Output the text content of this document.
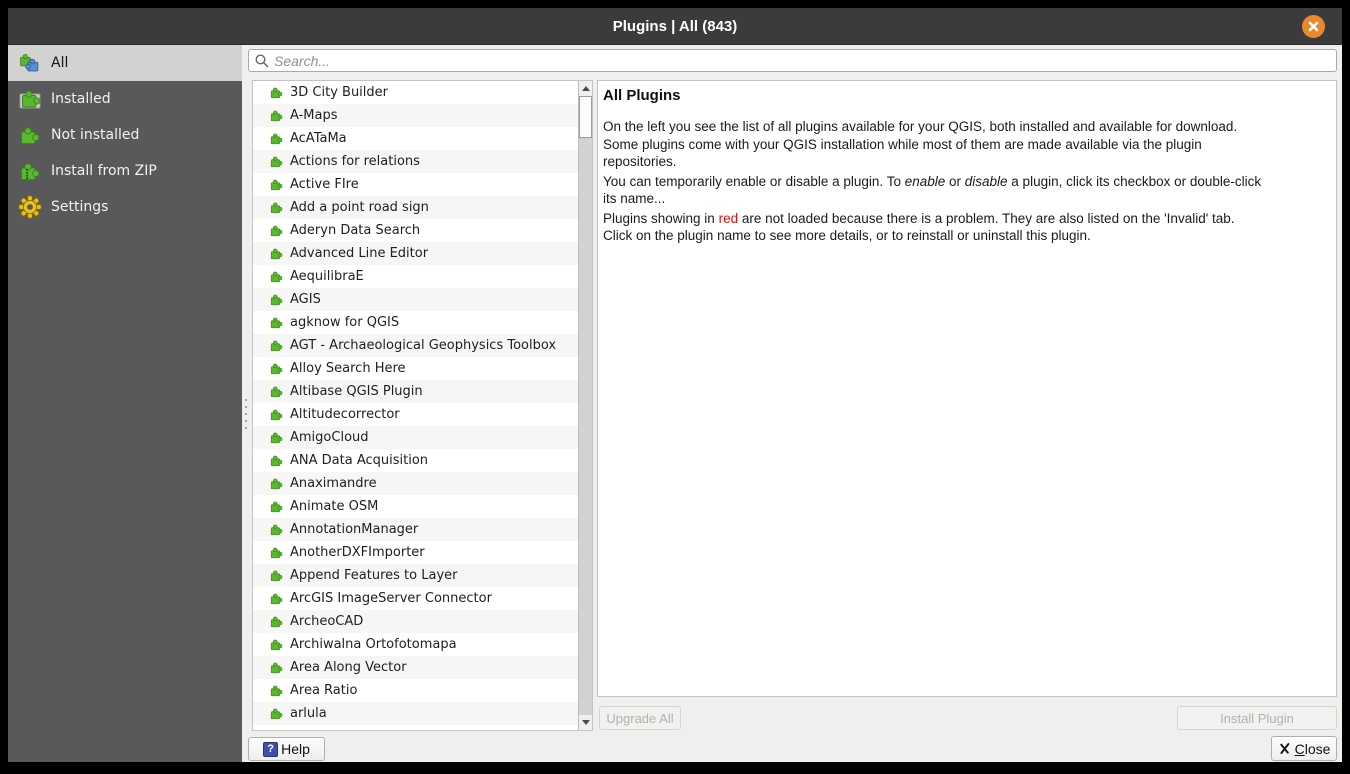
Plugins | All (843)
All
Installed
Not installed
Install from ZIP
Settings
Search...
3D City Builder
A-Maps
AcATaMa
Actions for relations
Active FIre
Add a point road sign
Aderyn Data Search
Advanced Line Editor
AequilibraE
AGIS
agknow for QGIS
AGT - Archaeological Geophysics Toolbox
Alloy Search Here
Altibase QGIS Plugin
Altitudecorrector
AmigoCloud
ANA Data Acquisition
Anaximandre
Animate OSM
AnnotationManager
AnotherDXFImporter
Append Features to Layer
ArcGIS ImageServer Connector
ArcheoCAD
Archiwalna Ortofotomapa
Area Along Vector
Area Ratio
arlula
All Plugins

On the left you see the list of all plugins available for your QGIS, both installed and available for download.
Some plugins come with your QGIS installation while most of them are made available via the plugin
repositories.

You can temporarily enable or disable a plugin. To enable or disable a plugin, click its checkbox or double-click
its name...

Plugins showing in red are not loaded because there is a problem. They are also listed on the 'Invalid' tab.
Click on the plugin name to see more details, or to reinstall or uninstall this plugin.

Upgrade All	Install Plugin
? Help	Close
